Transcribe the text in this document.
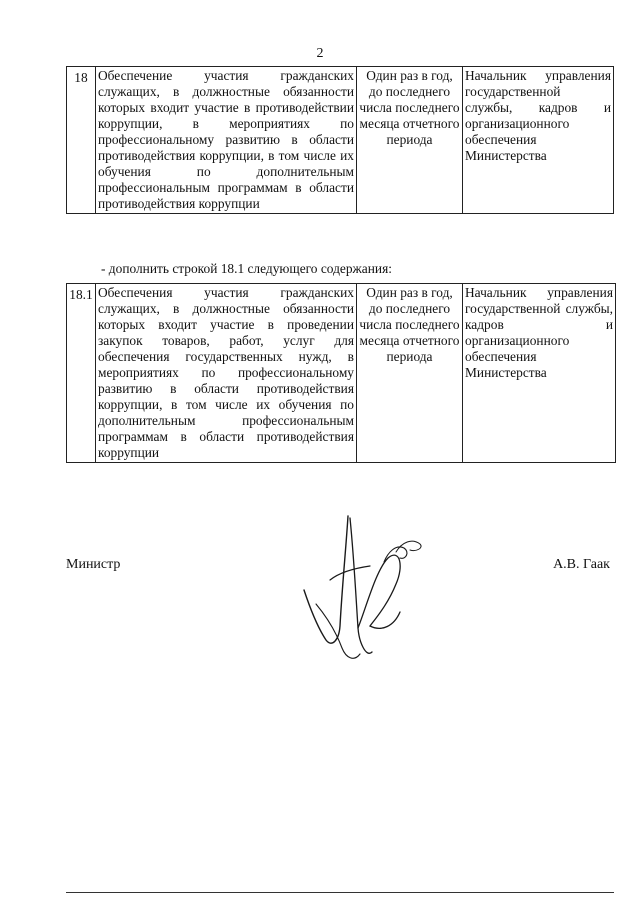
2
18	Обеспечение участия гражданских служащих, в должностные обязанности которых входит участие в противодействии коррупции, в мероприятиях по профессиональному развитию в области противодействия коррупции, в том числе их обучения по дополнительным профессиональным программам в области противодействия коррупции	Один раз в год, до последнего числа последнего месяца отчетного периода	Начальник управления государственной службы, кадров и организационного обеспечения Министерства
- дополнить строкой 18.1 следующего содержания:
18.1	Обеспечения участия гражданских служащих, в должностные обязанности которых входит участие в проведении закупок товаров, работ, услуг для обеспечения государственных нужд, в мероприятиях по профессиональному развитию в области противодействия коррупции, в том числе их обучения по дополнительным профессиональным программам в области противодействия коррупции	Один раз в год, до последнего числа последнего месяца отчетного периода	Начальник управления государственной службы, кадров и организационного обеспечения Министерства
Министр	А.В. Гаак
